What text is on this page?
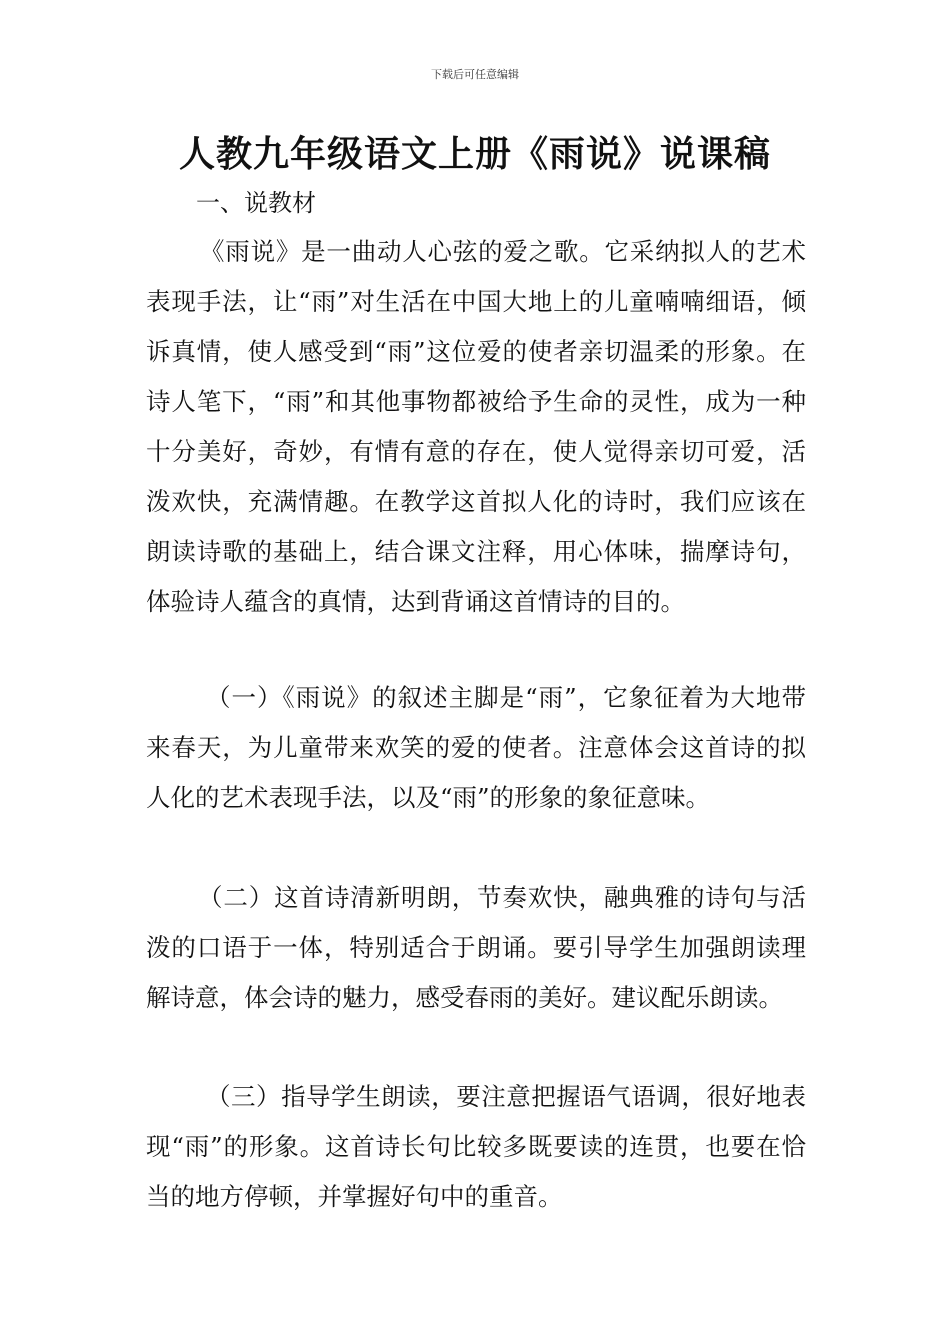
下载后可任意编辑
人教九年级语文上册《雨说》说课稿
一、说教材

《雨说》是一曲动人心弦的爱之歌。它采纳拟人的艺术表现手法，让“雨”对生活在中国大地上的儿童喃喃细语，倾诉真情，使人感受到“雨”这位爱的使者亲切温柔的形象。在诗人笔下，“雨”和其他事物都被给予生命的灵性，成为一种十分美好，奇妙，有情有意的存在，使人觉得亲切可爱，活泼欢快，充满情趣。在教学这首拟人化的诗时，我们应该在朗读诗歌的基础上，结合课文注释，用心体味，揣摩诗句，体验诗人蕴含的真情，达到背诵这首情诗的目的。

（一）《雨说》的叙述主脚是“雨”，它象征着为大地带来春天，为儿童带来欢笑的爱的使者。注意体会这首诗的拟人化的艺术表现手法，以及“雨”的形象的象征意味。

（二）这首诗清新明朗，节奏欢快，融典雅的诗句与活泼的口语于一体，特别适合于朗诵。要引导学生加强朗读理解诗意，体会诗的魅力，感受春雨的美好。建议配乐朗读。

（三）指导学生朗读，要注意把握语气语调，很好地表现“雨”的形象。这首诗长句比较多既要读的连贯，也要在恰当的地方停顿，并掌握好句中的重音。
